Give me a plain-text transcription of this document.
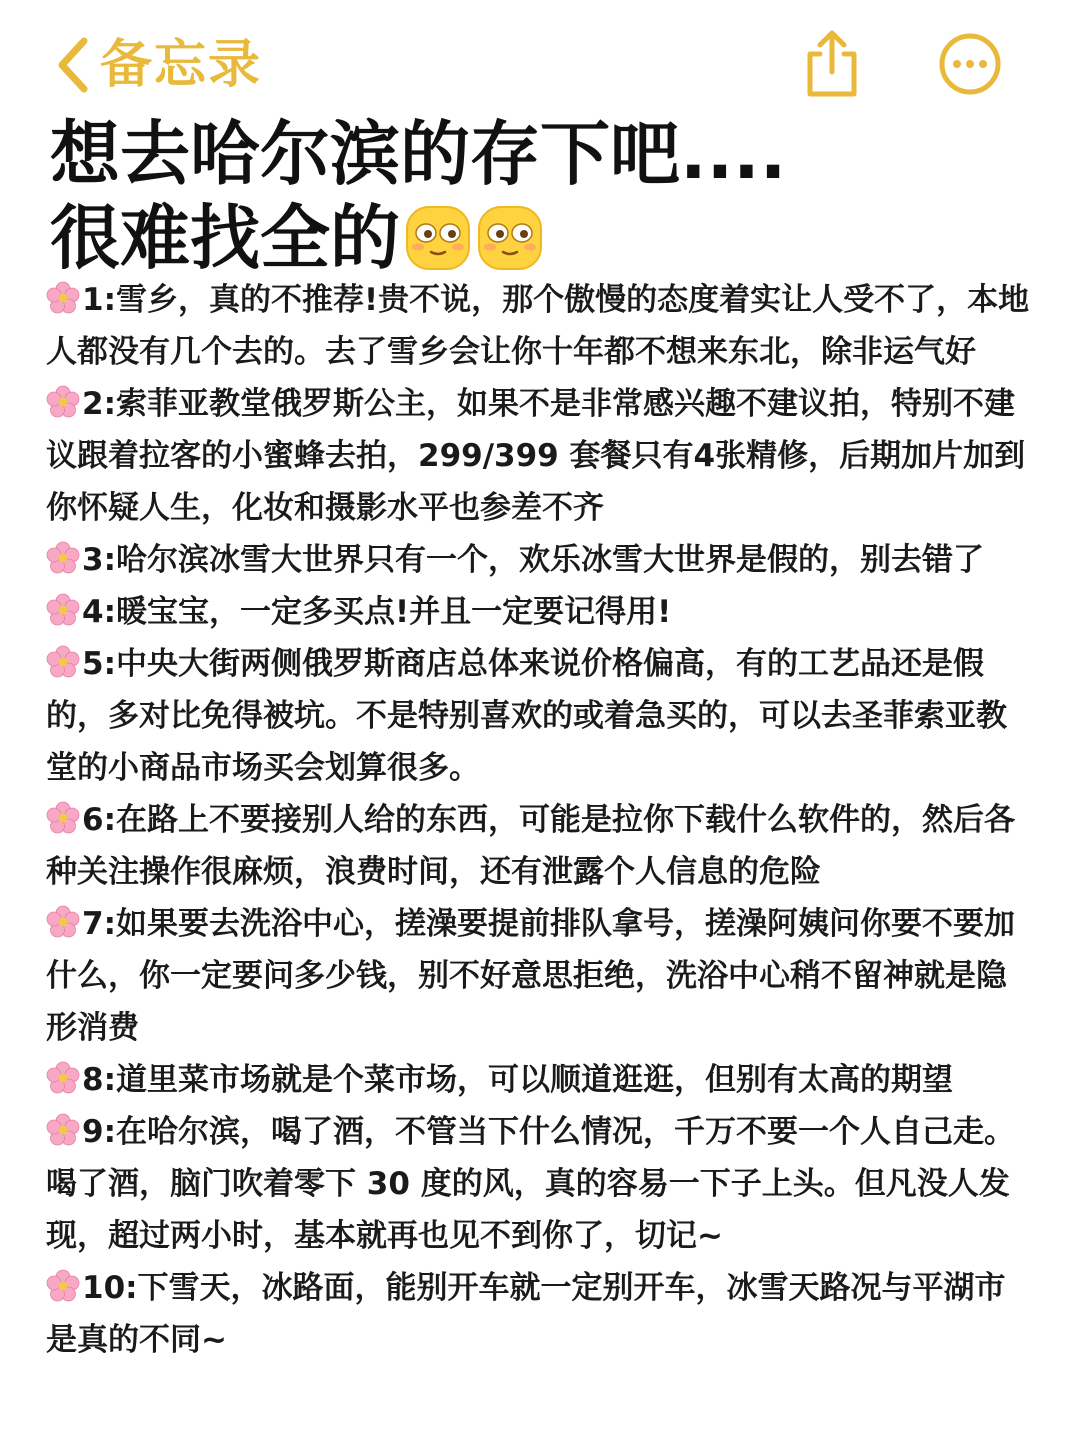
备忘录
想去哈尔滨的存下吧....
很难找全的

1:雪乡，真的不推荐!贵不说，那个傲慢的态度着实让人受不了，本地人都没有几个去的。去了雪乡会让你十年都不想来东北，除非运气好

2:索菲亚教堂俄罗斯公主，如果不是非常感兴趣不建议拍，特别不建议跟着拉客的小蜜蜂去拍，299/399 套餐只有4张精修，后期加片加到你怀疑人生，化妆和摄影水平也参差不齐

3:哈尔滨冰雪大世界只有一个，欢乐冰雪大世界是假的，别去错了

4:暖宝宝，一定多买点!并且一定要记得用!

5:中央大街两侧俄罗斯商店总体来说价格偏高，有的工艺品还是假的，多对比免得被坑。不是特别喜欢的或着急买的，可以去圣菲索亚教堂的小商品市场买会划算很多。

6:在路上不要接别人给的东西，可能是拉你下载什么软件的，然后各种关注操作很麻烦，浪费时间，还有泄露个人信息的危险

7:如果要去洗浴中心，搓澡要提前排队拿号，搓澡阿姨问你要不要加什么，你一定要问多少钱，别不好意思拒绝，洗浴中心稍不留神就是隐形消费

8:道里菜市场就是个菜市场，可以顺道逛逛，但别有太高的期望

9:在哈尔滨，喝了酒，不管当下什么情况，千万不要一个人自己走。喝了酒，脑门吹着零下 30 度的风，真的容易一下子上头。但凡没人发现，超过两小时，基本就再也见不到你了，切记~

10:下雪天，冰路面，能别开车就一定别开车，冰雪天路况与平湖市是真的不同~
